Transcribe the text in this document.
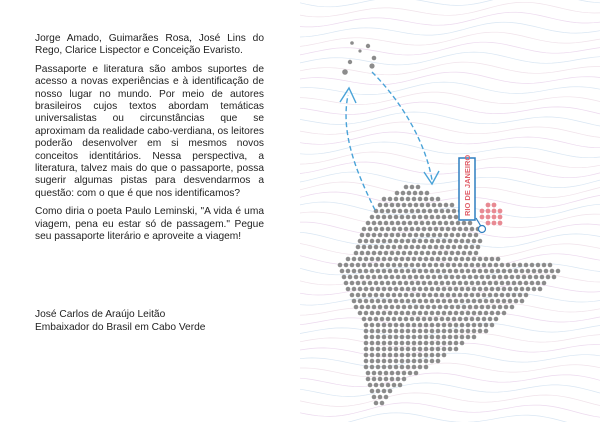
Jorge Amado, Guimarães Rosa, José Lins do Rego, Clarice Lispector e Conceição Evaristo.

Passaporte e literatura são ambos suportes de acesso a novas experiências e à identificação de nosso lugar no mundo. Por meio de autores brasileiros cujos textos abordam temáticas universalistas ou circunstâncias que se aproximam da realidade cabo-verdiana, os leitores poderão desenvolver em si mesmos novos conceitos identitários. Nessa perspectiva, a literatura, talvez mais do que o passaporte, possa sugerir algumas pistas para desvendarmos a questão: com o que é que nos identificamos?

Como diria o poeta Paulo Leminski, "A vida é uma viagem, pena eu estar só de passagem." Pegue seu passaporte literário e aproveite a viagem!

José Carlos de Araújo Leitão
Embaixador do Brasil em Cabo Verde
RIO DE JANEIRO
